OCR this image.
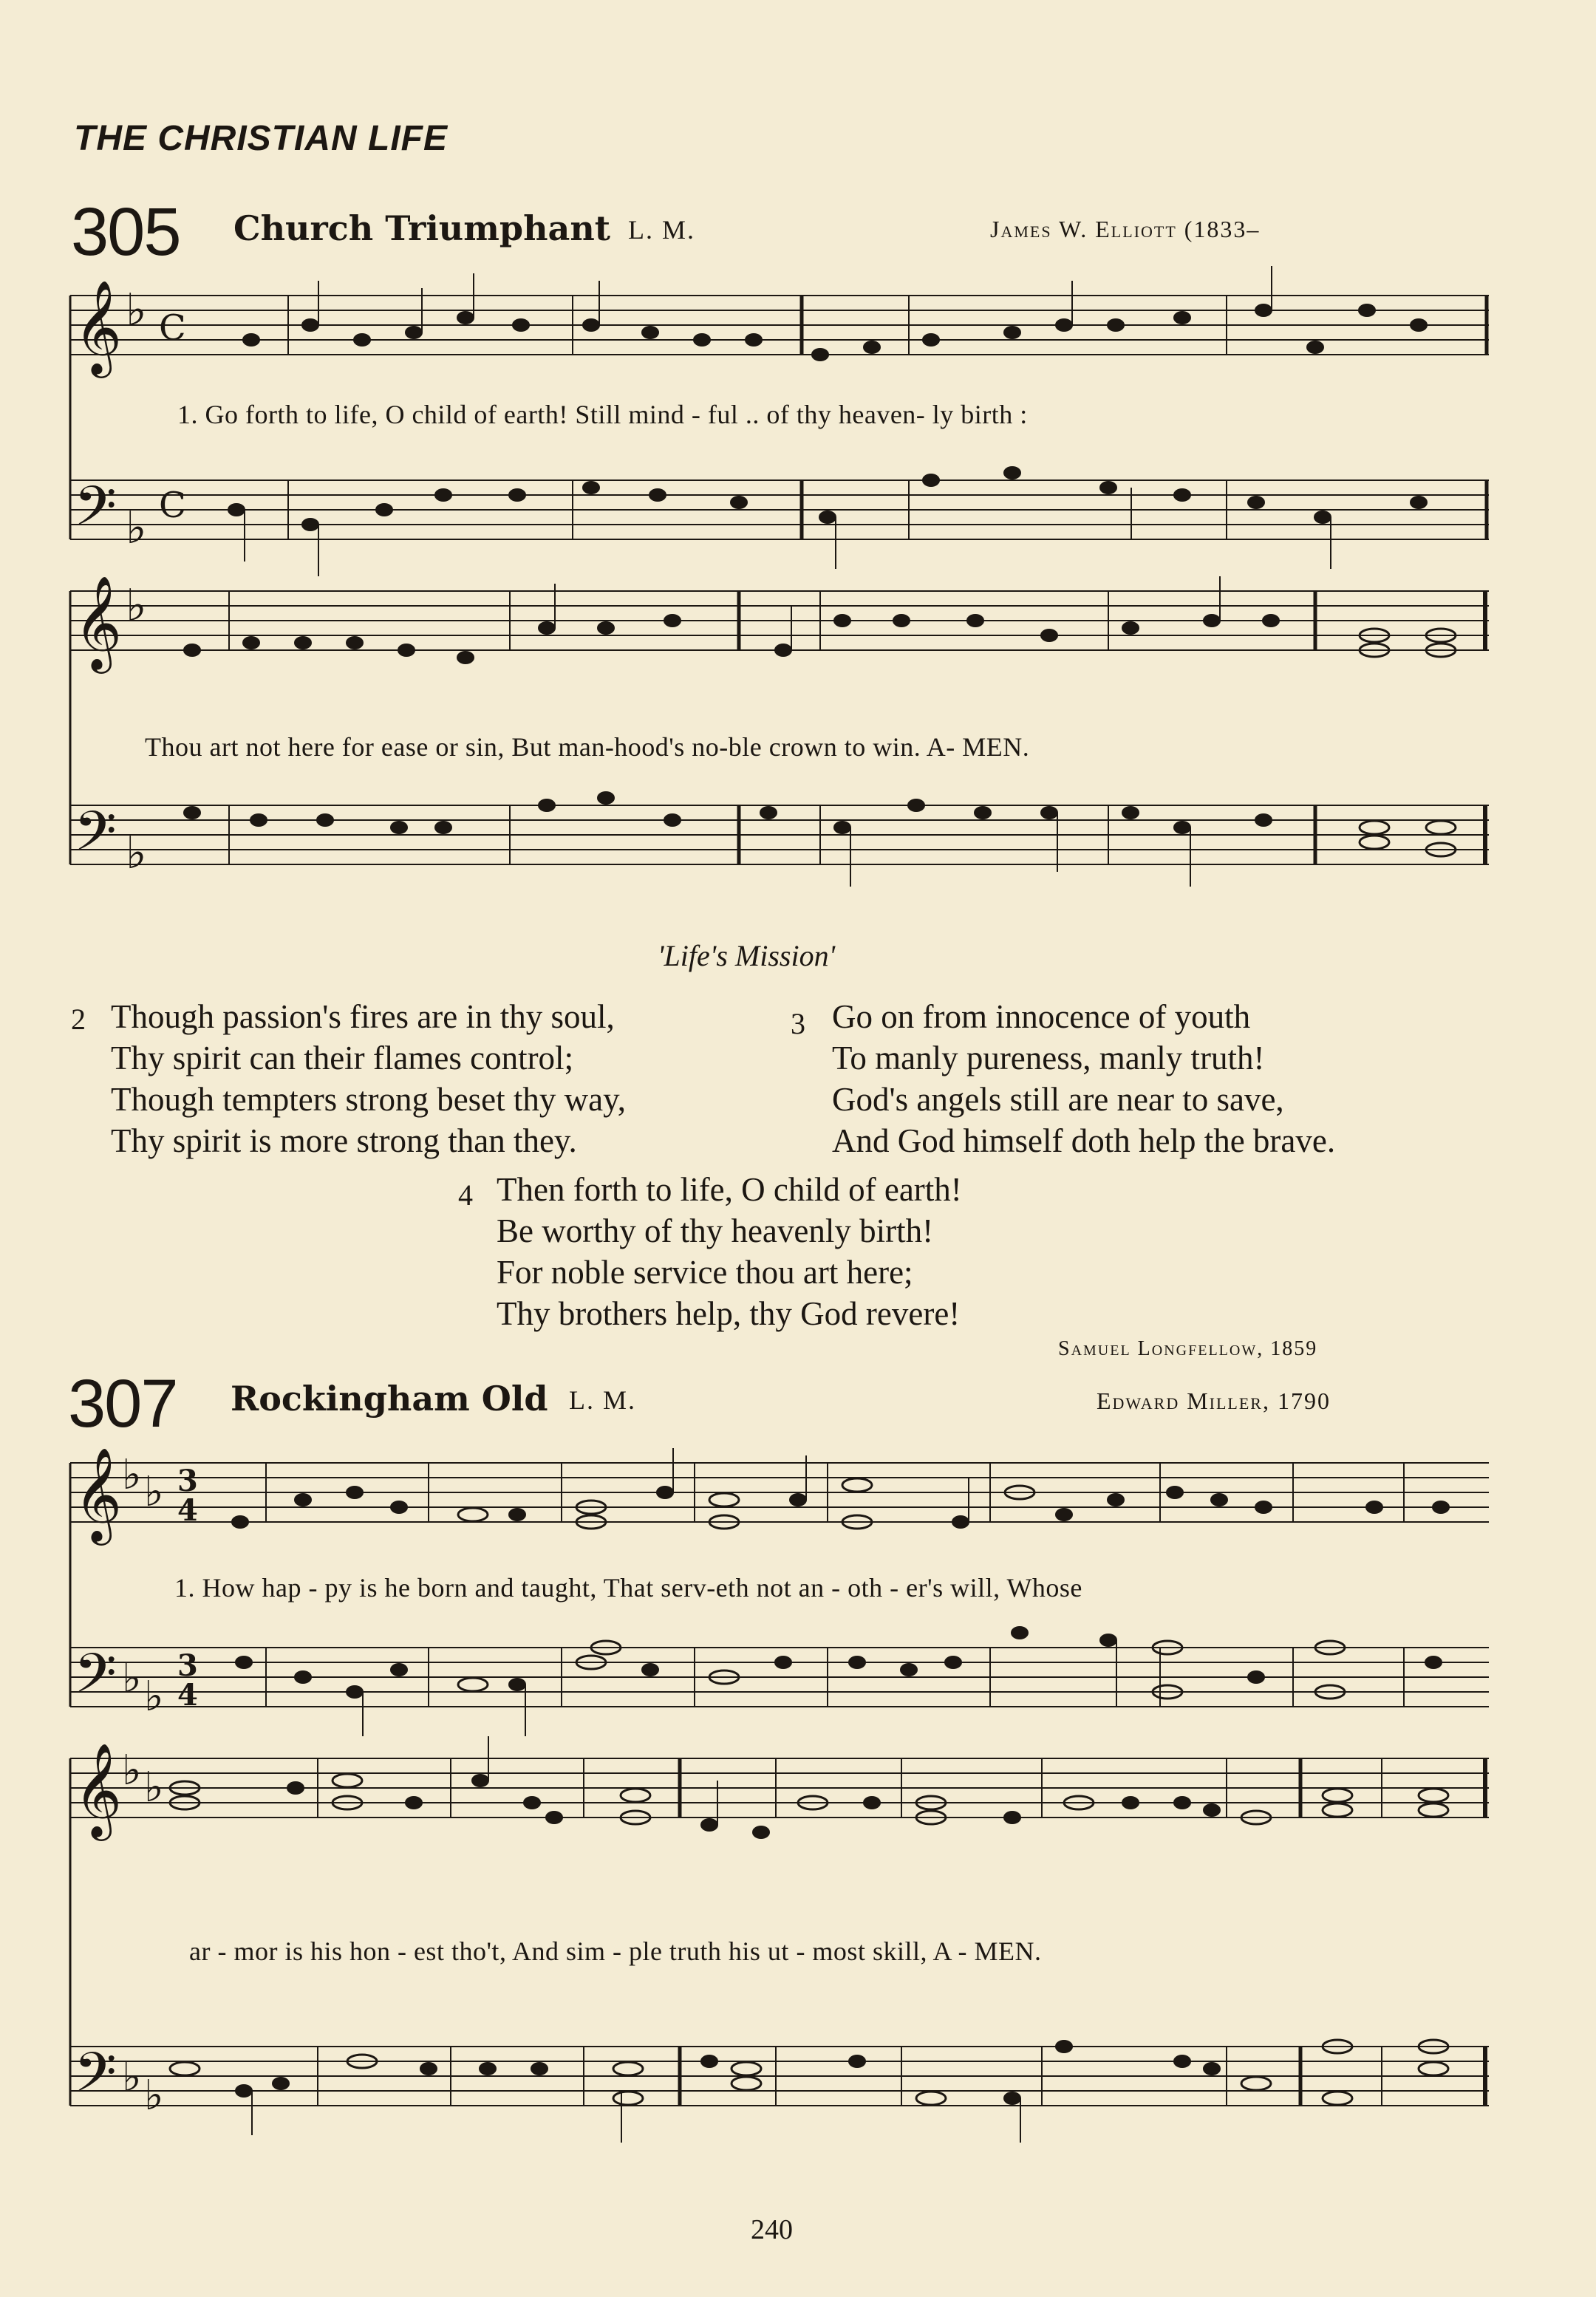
THE CHRISTIAN LIFE
305 Church Triumphant L. M.	James W. Elliott (1833–
𝄞 ♭ C
𝄢 ♭ C
1. Go forth to life, O child of earth! Still mind - ful .. of thy heaven- ly birth :
𝄞 ♭
𝄢 ♭
Thou art not here for ease or sin, But man-hood's no-ble crown to win. A- MEN.
'Life's Mission'
2 Though passion's fires are in thy soul,
Thy spirit can their flames control;
Though tempters strong beset thy way,
Thy spirit is more strong than they.
3 Go on from innocence of youth
To manly pureness, manly truth!
God's angels still are near to save,
And God himself doth help the brave.
4 Then forth to life, O child of earth!
Be worthy of thy heavenly birth!
For noble service thou art here;
Thy brothers help, thy God revere!
Samuel Longfellow, 1859
307 Rockingham Old L. M.	Edward Miller, 1790
𝄞 ♭ ♭ 3
4
𝄢 ♭ ♭
3
4
1. How hap - py is he born and taught, That serv-eth not an - oth - er's will, Whose
𝄞 ♭ ♭
𝄢 ♭ ♭
ar - mor is his hon - est tho't, And sim - ple truth his ut - most skill, A - MEN.
240
